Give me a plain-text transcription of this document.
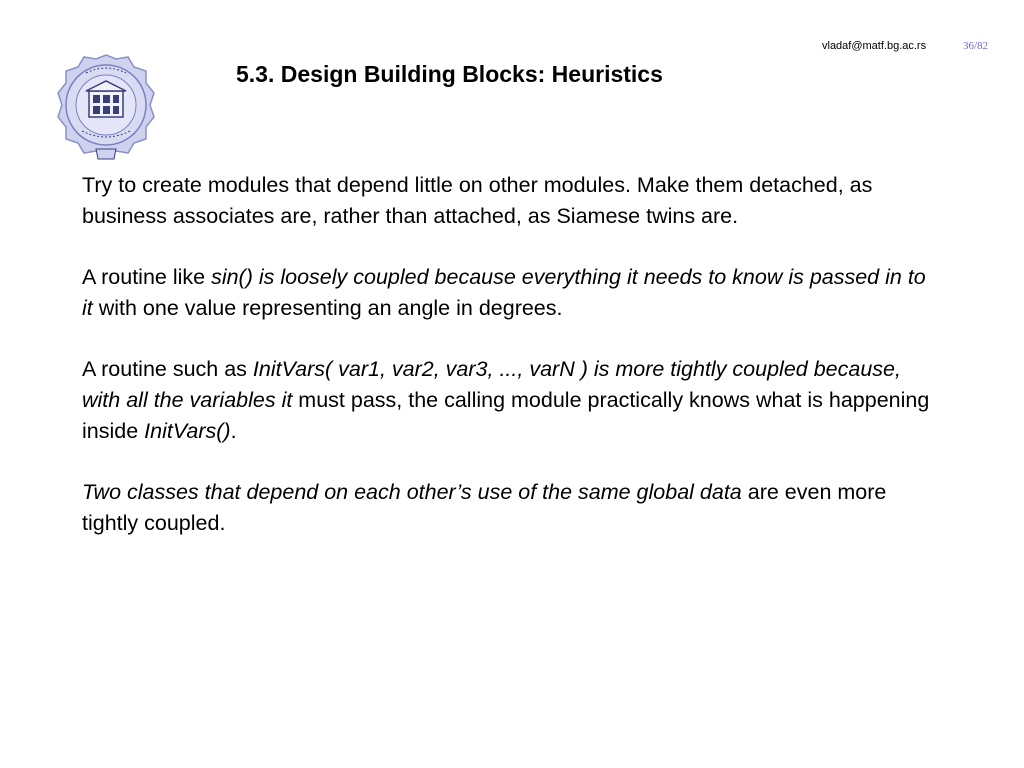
vladaf@matf.bg.ac.rs	36/82
5.3. Design Building Blocks: Heuristics

Try to create modules that depend little on other modules. Make them detached, as business associates are, rather than attached, as Siamese twins are.

A routine like sin() is loosely coupled because everything it needs to know is passed in to it with one value representing an angle in degrees.

A routine such as InitVars( var1, var2, var3, ..., varN ) is more tightly coupled because, with all the variables it must pass, the calling module practically knows what is happening inside InitVars().

Two classes that depend on each other’s use of the same global data are even more tightly coupled.
